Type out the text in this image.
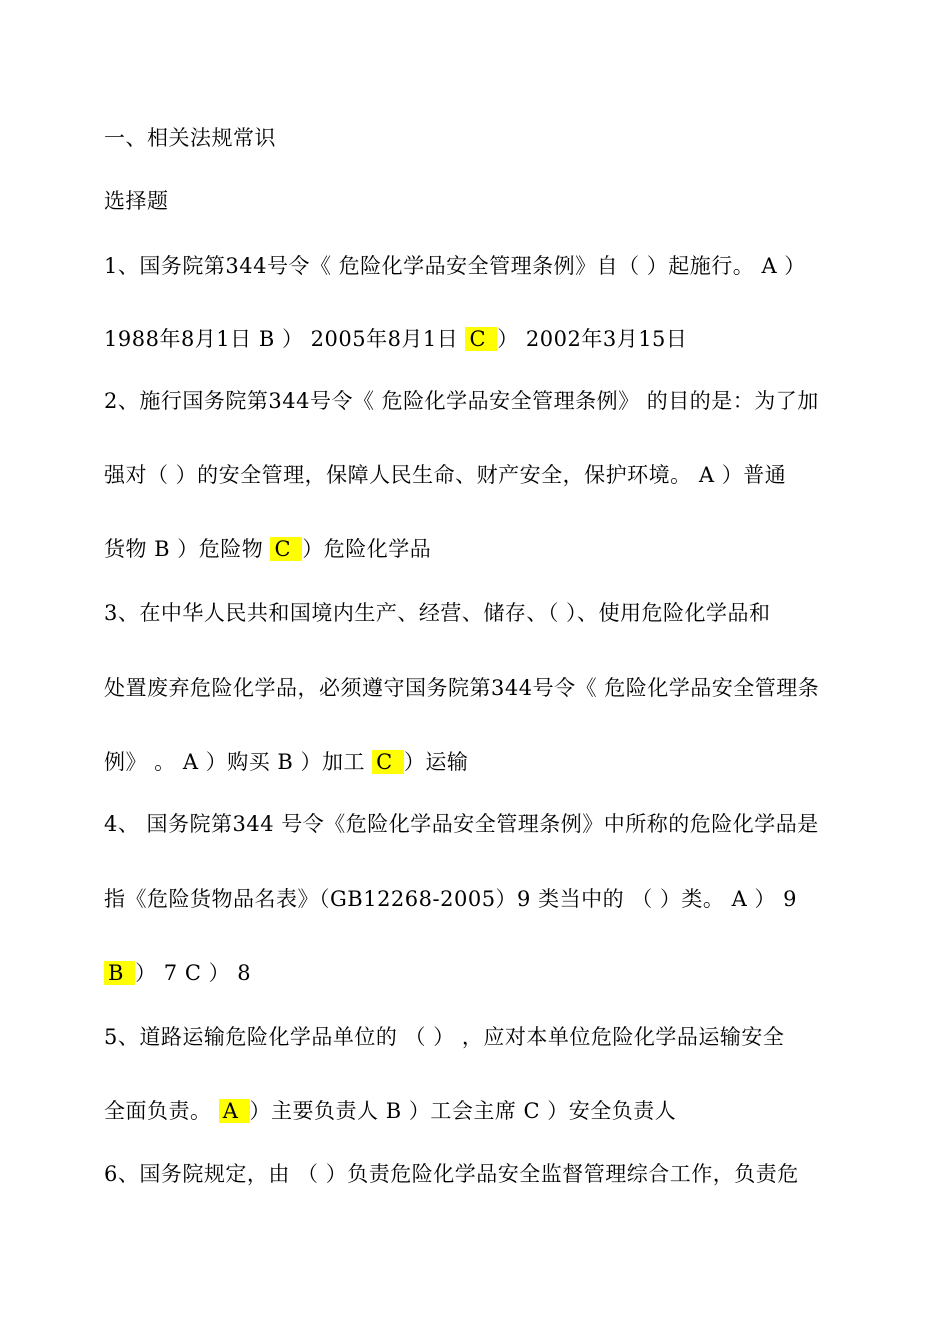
一、相关法规常识
选择题
1、国务院第344号令《 危险化学品安全管理条例》自（ ）起施行。 A ）
1988年8月1日 B ） 2005年8月1日 C ） 2002年3月15日
2、施行国务院第344号令《 危险化学品安全管理条例》 的目的是：为了加
强对（ ）的安全管理，保障人民生命、财产安全，保护环境。 A ）普通
货物 B ）危险物 C ）危险化学品
3、在中华人民共和国境内生产、经营、储存、（ ）、使用危险化学品和
处置废弃危险化学品，必须遵守国务院第344号令《 危险化学品安全管理条
例》 。 A ）购买 B ）加工 C ）运输
4、 国务院第344 号令《危险化学品安全管理条例》中所称的危险化学品是
指《危险货物品名表》（GB12268-2005）9 类当中的 （ ）类。 A ） 9
B ） 7 C ） 8
5、道路运输危险化学品单位的 （ ） ，应对本单位危险化学品运输安全
全面负责。 A ）主要负责人 B ）工会主席 C ）安全负责人
6、国务院规定，由 （ ）负责危险化学品安全监督管理综合工作，负责危
